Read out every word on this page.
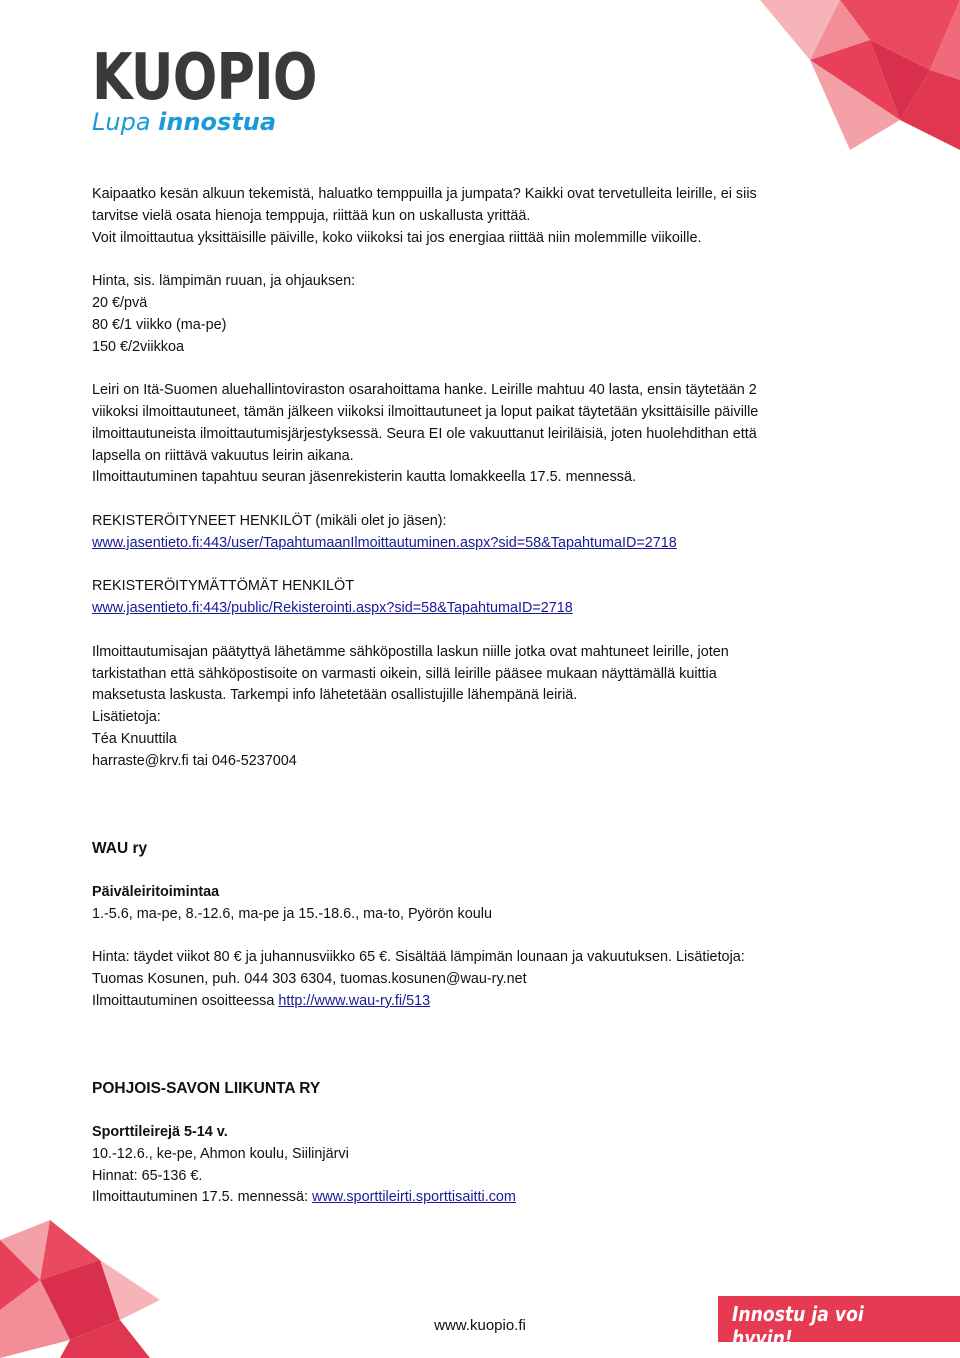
KUOPIO
Lupa innostua

Kaipaatko kesän alkuun tekemistä, haluatko temppuilla ja jumpata? Kaikki ovat tervetulleita leirille, ei siis

tarvitse vielä osata hienoja temppuja, riittää kun on uskallusta yrittää.

Voit ilmoittautua yksittäisille päiville, koko viikoksi tai jos energiaa riittää niin molemmille viikoille.

Hinta, sis. lämpimän ruuan, ja ohjauksen:

20 €/pvä

80 €/1 viikko (ma-pe)

150 €/2viikkoa

Leiri on Itä-Suomen aluehallintoviraston osarahoittama hanke. Leirille mahtuu 40 lasta, ensin täytetään 2

viikoksi ilmoittautuneet, tämän jälkeen viikoksi ilmoittautuneet ja loput paikat täytetään yksittäisille päiville

ilmoittautuneista ilmoittautumisjärjestyksessä. Seura EI ole vakuuttanut leiriläisiä, joten huolehdithan että

lapsella on riittävä vakuutus leirin aikana.

Ilmoittautuminen tapahtuu seuran jäsenrekisterin kautta lomakkeella 17.5. mennessä.

REKISTERÖITYNEET HENKILÖT (mikäli olet jo jäsen):

www.jasentieto.fi:443/user/TapahtumaanIlmoittautuminen.aspx?sid=58&TapahtumaID=2718

REKISTERÖITYMÄTTÖMÄT HENKILÖT

www.jasentieto.fi:443/public/Rekisterointi.aspx?sid=58&TapahtumaID=2718

Ilmoittautumisajan päätyttyä lähetämme sähköpostilla laskun niille jotka ovat mahtuneet leirille, joten

tarkistathan että sähköpostisoite on varmasti oikein, sillä leirille pääsee mukaan näyttämällä kuittia

maksetusta laskusta. Tarkempi info lähetetään osallistujille lähempänä leiriä.

Lisätietoja:

Téa Knuuttila

harraste@krv.fi tai 046-5237004

WAU ry

Päiväleiritoimintaa

1.-5.6, ma-pe, 8.-12.6, ma-pe ja 15.-18.6., ma-to, Pyörön koulu

Hinta: täydet viikot 80 € ja juhannusviikko 65 €. Sisältää lämpimän lounaan ja vakuutuksen. Lisätietoja:

Tuomas Kosunen, puh. 044 303 6304, tuomas.kosunen@wau-ry.net

Ilmoittautuminen osoitteessa http://www.wau-ry.fi/513

POHJOIS-SAVON LIIKUNTA RY

Sporttileirejä 5-14 v.

10.-12.6., ke-pe, Ahmon koulu, Siilinjärvi

Hinnat: 65-136 €.

Ilmoittautuminen 17.5. mennessä: www.sporttileirti.sporttisaitti.com

www.kuopio.fi	Innostu ja voi hyvin!
